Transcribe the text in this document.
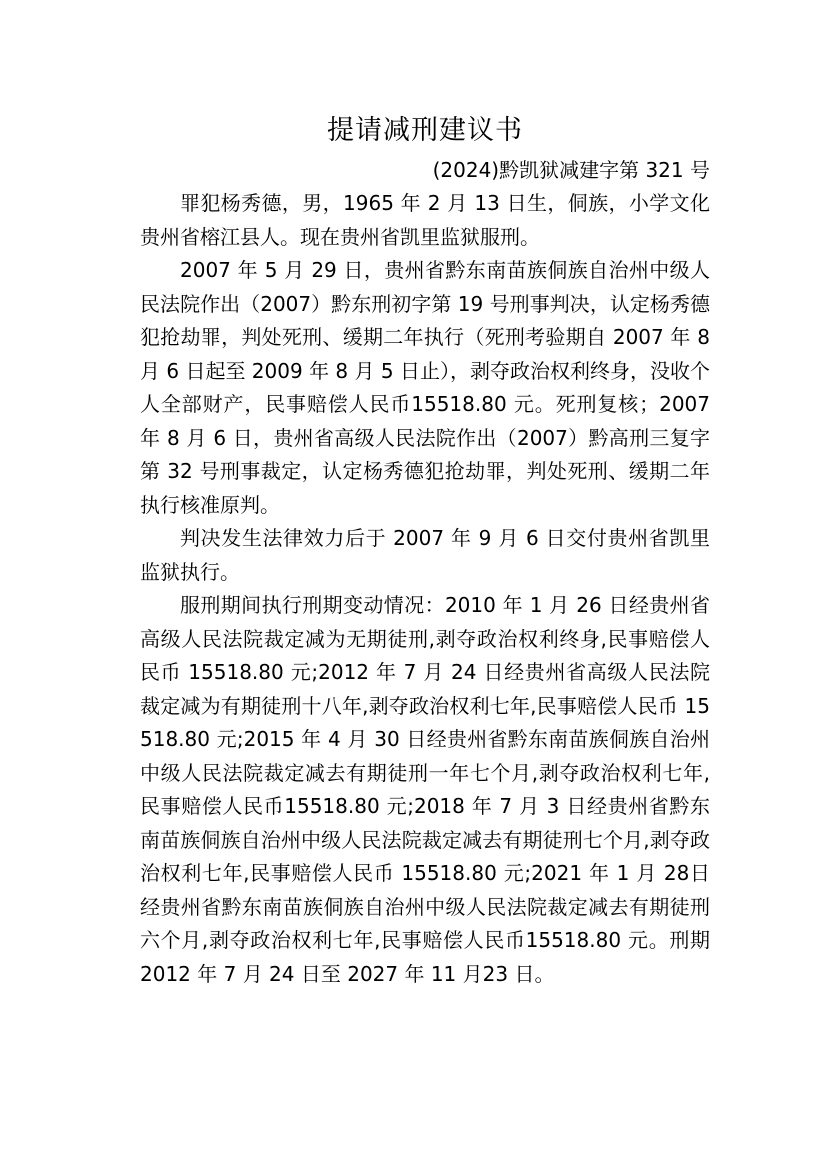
提请减刑建议书

(2024)黔凯狱减建字第 321 号

罪犯杨秀德，男，1965 年 2 月 13 日生，侗族，小学文化贵州省榕江县人。现在贵州省凯里监狱服刑。

2007 年 5 月 29 日，贵州省黔东南苗族侗族自治州中级人民法院作出（2007）黔东刑初字第 19 号刑事判决，认定杨秀德犯抢劫罪，判处死刑、缓期二年执行（死刑考验期自 2007 年 8 月 6 日起至 2009 年 8 月 5 日止），剥夺政治权利终身，没收个人全部财产，民事赔偿人民币15518.80 元。死刑复核；2007 年 8 月 6 日，贵州省高级人民法院作出（2007）黔高刑三复字第 32 号刑事裁定，认定杨秀德犯抢劫罪，判处死刑、缓期二年执行核准原判。

判决发生法律效力后于 2007 年 9 月 6 日交付贵州省凯里监狱执行。

服刑期间执行刑期变动情况：2010 年 1 月 26 日经贵州省高级人民法院裁定减为无期徒刑,剥夺政治权利终身,民事赔偿人民币 15518.80 元;2012 年 7 月 24 日经贵州省高级人民法院裁定减为有期徒刑十八年,剥夺政治权利七年,民事赔偿人民币 15518.80 元;2015 年 4 月 30 日经贵州省黔东南苗族侗族自治州中级人民法院裁定减去有期徒刑一年七个月,剥夺政治权利七年,民事赔偿人民币15518.80 元;2018 年 7 月 3 日经贵州省黔东南苗族侗族自治州中级人民法院裁定减去有期徒刑七个月,剥夺政治权利七年,民事赔偿人民币 15518.80 元;2021 年 1 月 28日经贵州省黔东南苗族侗族自治州中级人民法院裁定减去有期徒刑六个月,剥夺政治权利七年,民事赔偿人民币15518.80 元。刑期 2012 年 7 月 24 日至 2027 年 11 月23 日。
